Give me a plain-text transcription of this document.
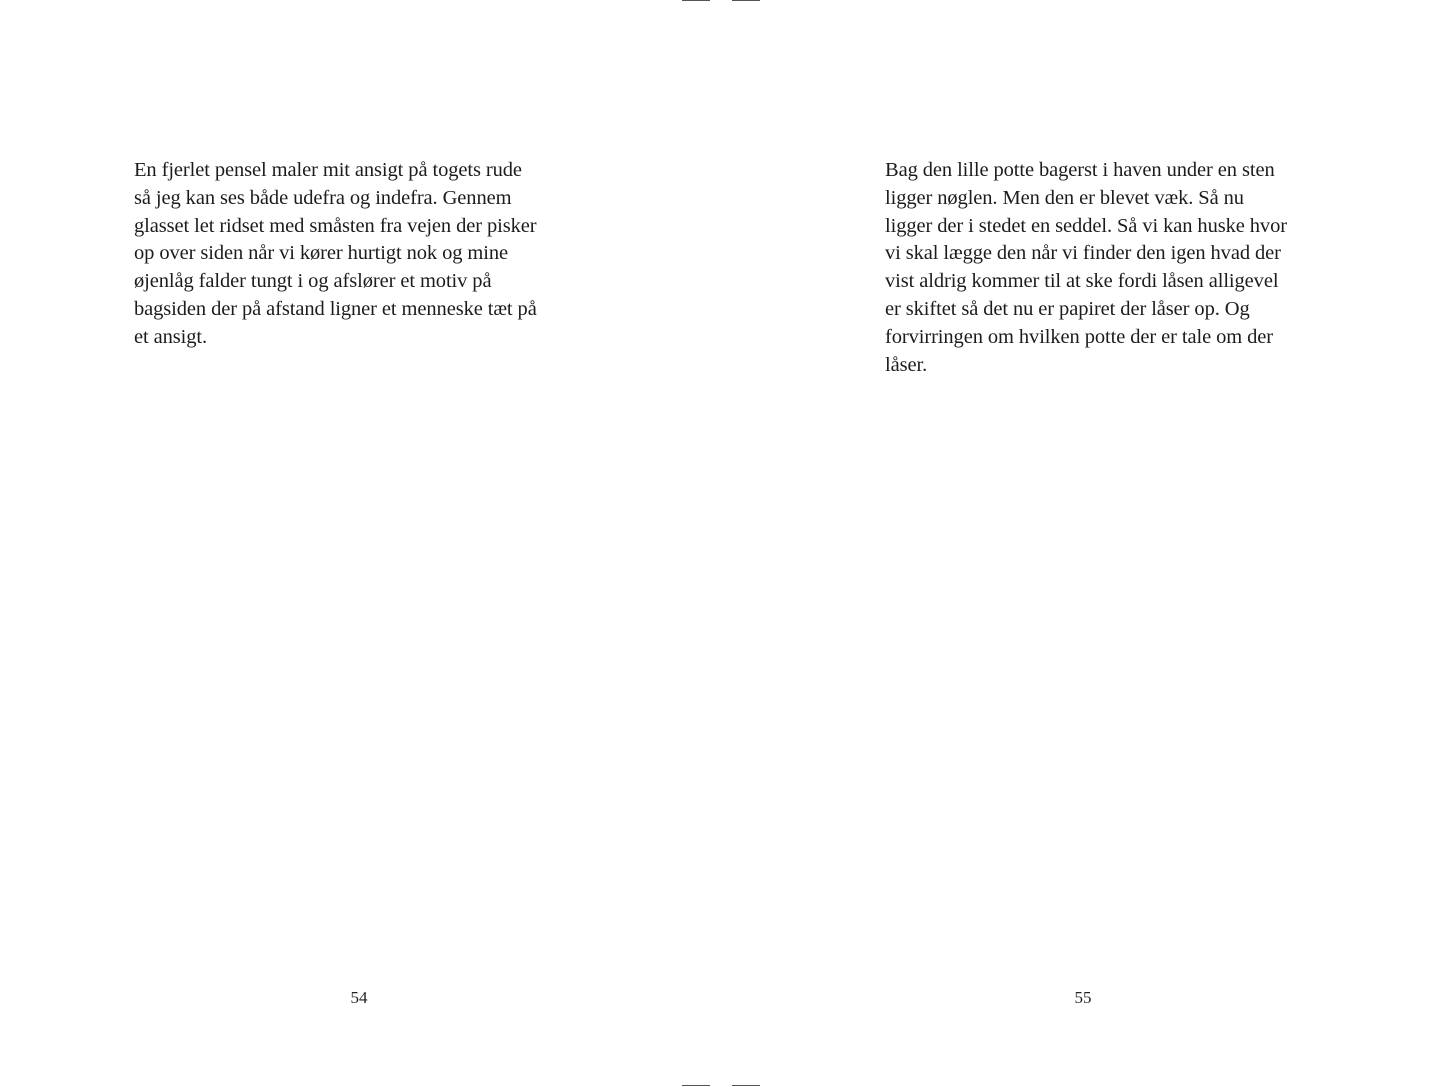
En fjerlet pensel maler mit ansigt på togets rude
så jeg kan ses både udefra og indefra. Gennem
glasset let ridset med småsten fra vejen der pisker
op over siden når vi kører hurtigt nok og mine
øjenlåg falder tungt i og afslører et motiv på
bagsiden der på afstand ligner et menneske tæt på
et ansigt.

54

Bag den lille potte bagerst i haven under en sten
ligger nøglen. Men den er blevet væk. Så nu
ligger der i stedet en seddel. Så vi kan huske hvor
vi skal lægge den når vi finder den igen hvad der
vist aldrig kommer til at ske fordi låsen alligevel
er skiftet så det nu er papiret der låser op. Og
forvirringen om hvilken potte der er tale om der
låser.

55
